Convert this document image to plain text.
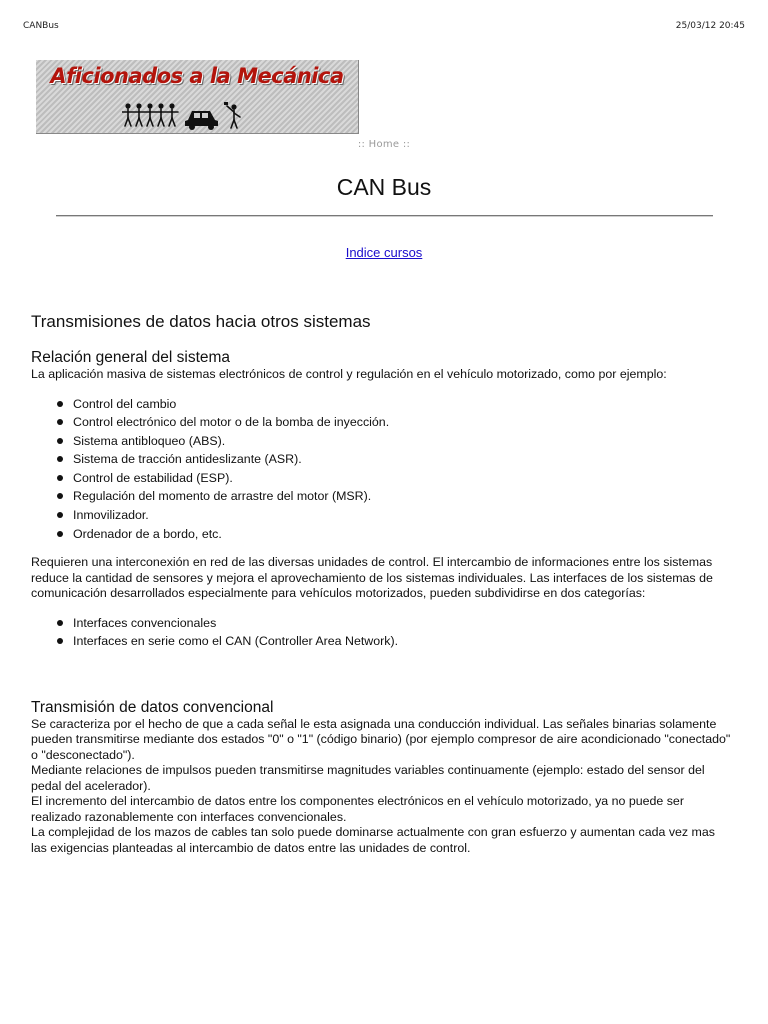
CANBus	25/03/12 20:45
Aficionados a la Mecánica
:: Home ::
CAN Bus
Indice cursos
Transmisiones de datos hacia otros sistemas
Relación general del sistema

La aplicación masiva de sistemas electrónicos de control y regulación en el vehículo motorizado, como por ejemplo:

Control del cambio
Control electrónico del motor o de la bomba de inyección.
Sistema antibloqueo (ABS).
Sistema de tracción antideslizante (ASR).
Control de estabilidad (ESP).
Regulación del momento de arrastre del motor (MSR).
Inmovilizador.
Ordenador de a bordo, etc.

Requieren una interconexión en red de las diversas unidades de control. El intercambio de informaciones entre los sistemas reduce la cantidad de sensores y mejora el aprovechamiento de los sistemas individuales. Las interfaces de los sistemas de comunicación desarrollados especialmente para vehículos motorizados, pueden subdividirse en dos categorías:

Interfaces convencionales
Interfaces en serie como el CAN (Controller Area Network).
Transmisión de datos convencional

Se caracteriza por el hecho de que a cada señal le esta asignada una conducción individual. Las señales binarias solamente pueden transmitirse mediante dos estados "0" o "1" (código binario) (por ejemplo compresor de aire acondicionado "conectado" o "desconectado").

Mediante relaciones de impulsos pueden transmitirse magnitudes variables continuamente (ejemplo: estado del sensor del pedal del acelerador).

El incremento del intercambio de datos entre los componentes electrónicos en el vehículo motorizado, ya no puede ser realizado razonablemente con interfaces convencionales.

La complejidad de los mazos de cables tan solo puede dominarse actualmente con gran esfuerzo y aumentan cada vez mas las exigencias planteadas al intercambio de datos entre las unidades de control.
